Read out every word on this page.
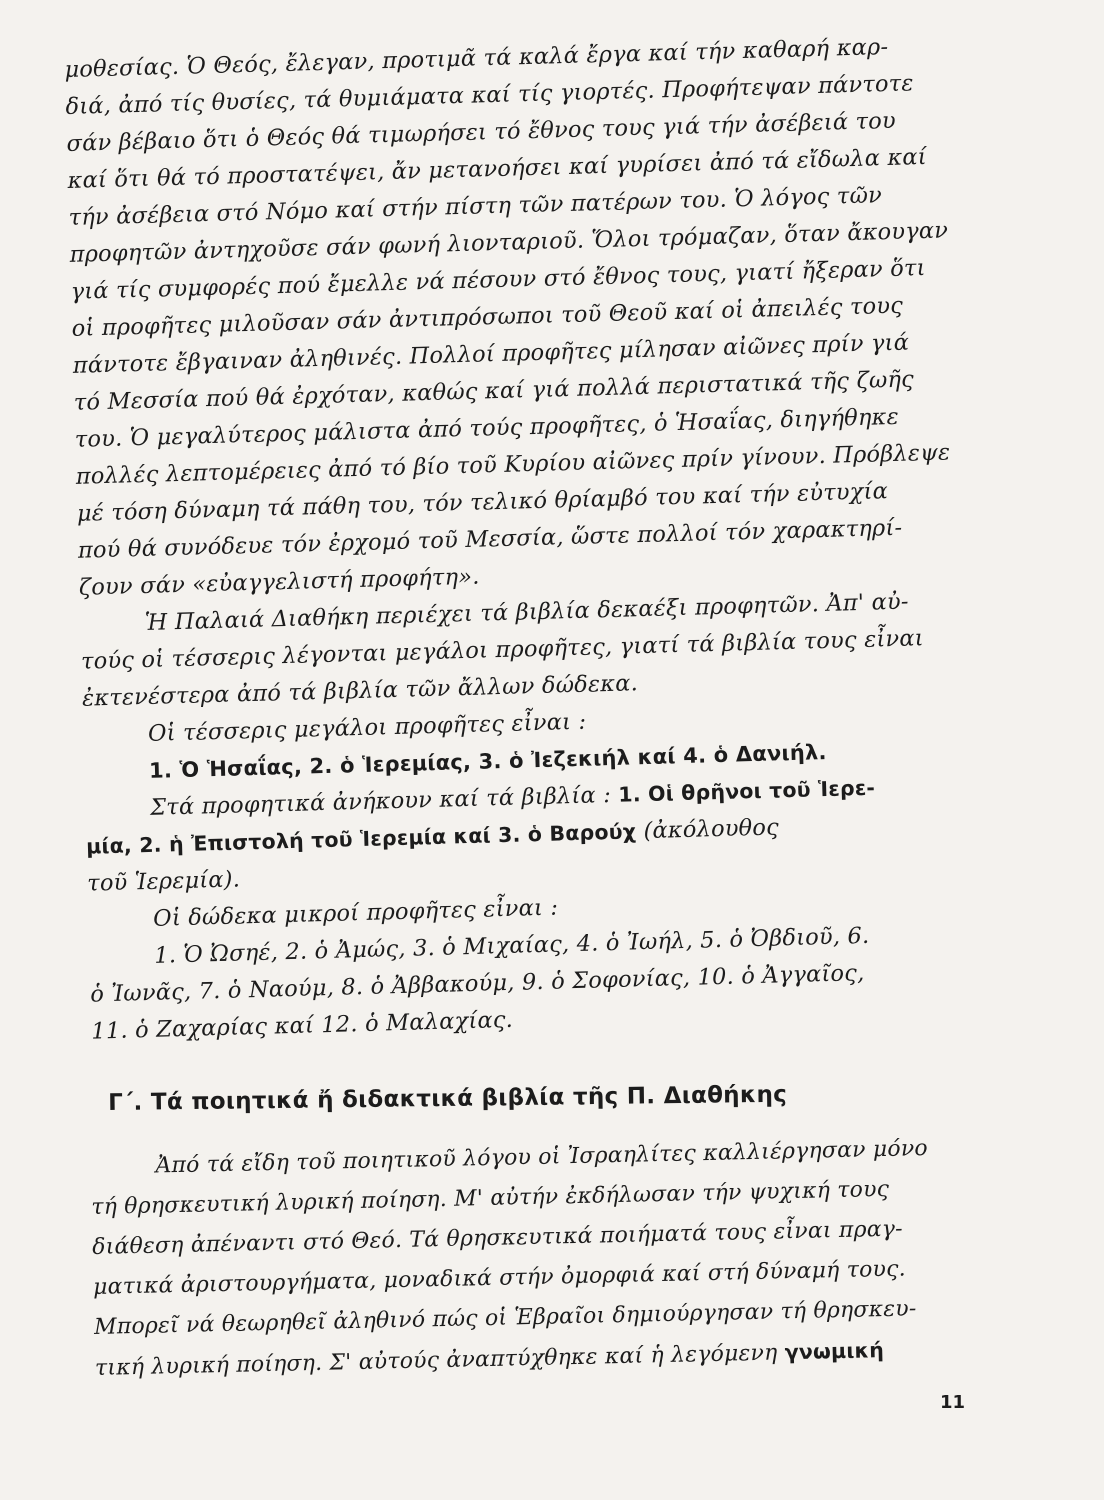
μοθεσίας. Ὁ Θεός, ἔλεγαν, προτιμᾶ τά καλά ἔργα καί τήν καθαρή καρ-
διά, ἀπό τίς θυσίες, τά θυμιάματα καί τίς γιορτές. Προφήτεψαν πάντοτε
σάν βέβαιο ὅτι ὁ Θεός θά τιμωρήσει τό ἔθνος τους γιά τήν ἀσέβειά του
καί ὅτι θά τό προστατέψει, ἄν μετανοήσει καί γυρίσει ἀπό τά εἴδωλα καί
τήν ἀσέβεια στό Νόμο καί στήν πίστη τῶν πατέρων του. Ὁ λόγος τῶν
προφητῶν ἀντηχοῦσε σάν φωνή λιονταριοῦ. Ὅλοι τρόμαζαν, ὅταν ἄκουγαν
γιά τίς συμφορές πού ἔμελλε νά πέσουν στό ἔθνος τους, γιατί ἤξεραν ὅτι
οἱ προφῆτες μιλοῦσαν σάν ἀντιπρόσωποι τοῦ Θεοῦ καί οἱ ἀπειλές τους
πάντοτε ἔβγαιναν ἀληθινές. Πολλοί προφῆτες μίλησαν αἰῶνες πρίν γιά
τό Μεσσία πού θά ἐρχόταν, καθώς καί γιά πολλά περιστατικά τῆς ζωῆς
του. Ὁ μεγαλύτερος μάλιστα ἀπό τούς προφῆτες, ὁ Ἡσαΐας, διηγήθηκε
πολλές λεπτομέρειες ἀπό τό βίο τοῦ Κυρίου αἰῶνες πρίν γίνουν. Πρόβλεψε
μέ τόση δύναμη τά πάθη του, τόν τελικό θρίαμβό του καί τήν εὐτυχία
πού θά συνόδευε τόν ἐρχομό τοῦ Μεσσία, ὥστε πολλοί τόν χαρακτηρί-
ζουν σάν «εὐαγγελιστή προφήτη».
Ἡ Παλαιά Διαθήκη περιέχει τά βιβλία δεκαέξι προφητῶν. Ἀπ' αὐ-
τούς οἱ τέσσερις λέγονται μεγάλοι προφῆτες, γιατί τά βιβλία τους εἶναι
ἐκτενέστερα ἀπό τά βιβλία τῶν ἄλλων δώδεκα.
Οἱ τέσσερις μεγάλοι προφῆτες εἶναι :
1. Ὁ Ἡσαΐας, 2. ὁ Ἱερεμίας, 3. ὁ Ἰεζεκιήλ καί 4. ὁ Δανιήλ.
Στά προφητικά ἀνήκουν καί τά βιβλία : 1. Οἱ θρῆνοι τοῦ Ἱερε-
μία, 2. ἡ Ἐπιστολή τοῦ Ἱερεμία καί 3. ὁ Βαρούχ (ἀκόλουθος
τοῦ Ἱερεμία).
Οἱ δώδεκα μικροί προφῆτες εἶναι :
1. Ὁ Ὠσηέ, 2. ὁ Ἀμώς, 3. ὁ Μιχαίας, 4. ὁ Ἰωήλ, 5. ὁ Ὀβδιοῦ, 6.
ὁ Ἰωνᾶς, 7. ὁ Ναούμ, 8. ὁ Ἀββακούμ, 9. ὁ Σοφονίας, 10. ὁ Ἀγγαῖος,
11. ὁ Ζαχαρίας καί 12. ὁ Μαλαχίας.
Γ΄. Τά ποιητικά ἤ διδακτικά βιβλία τῆς Π. Διαθήκης
Ἀπό τά εἴδη τοῦ ποιητικοῦ λόγου οἱ Ἰσραηλίτες καλλιέργησαν μόνο
τή θρησκευτική λυρική ποίηση. Μ' αὐτήν ἐκδήλωσαν τήν ψυχική τους
διάθεση ἀπέναντι στό Θεό. Τά θρησκευτικά ποιήματά τους εἶναι πραγ-
ματικά ἀριστουργήματα, μοναδικά στήν ὀμορφιά καί στή δύναμή τους.
Μπορεῖ νά θεωρηθεῖ ἀληθινό πώς οἱ Ἑβραῖοι δημιούργησαν τή θρησκευ-
τική λυρική ποίηση. Σ' αὐτούς ἀναπτύχθηκε καί ἡ λεγόμενη γνωμική
11
